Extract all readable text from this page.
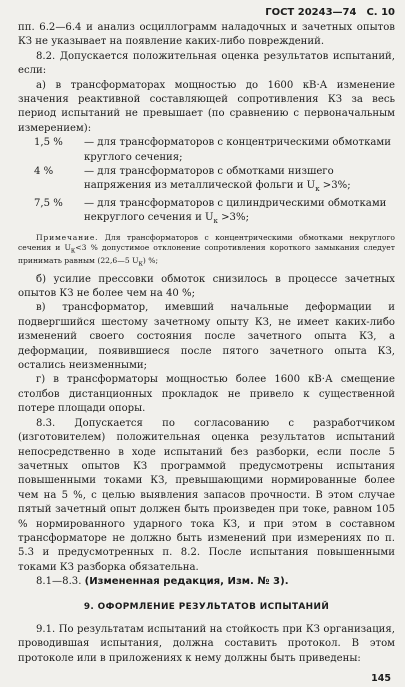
ГОСТ 20243—74 С. 10

пп. 6.2—6.4 и анализ осциллограмм наладочных и зачетных опытов КЗ не указывает на появление каких-либо повреждений.

8.2. Допускается положительная оценка результатов испытаний, если:

а) в трансформаторах мощностью до 1600 кВ·А изменение значения реактивной составляющей сопротивления КЗ за весь период испытаний не превышает (по сравнению с первоначальным измерением):

1,5 %	— для трансформаторов с концентрическими обмотками круглого сечения;
4 %	— для трансформаторов с обмотками низшего напряжения из металлической фольги и $U_к >3\%$;
7,5 %	— для трансформаторов с цилиндрическими обмотками некруглого сечения и $U_к >3\%$;

Примечание. Для трансформаторов с концентрическими обмотками некруглого сечения и Uк<3 % допустимое отклонение сопротивления короткого замыкания следует принимать равным (22,6—5 Uк) %;

б) усилие прессовки обмоток снизилось в процессе зачетных опытов КЗ не более чем на 40 %;

в) трансформатор, имевший начальные деформации и подвергшийся шестому зачетному опыту КЗ, не имеет каких-либо изменений своего состояния после зачетного опыта КЗ, а деформации, появившиеся после пятого зачетного опыта КЗ, остались неизменными;

г) в трансформаторы мощностью более 1600 кВ·А смещение столбов дистанционных прокладок не привело к существенной потере площади опоры.

8.3. Допускается по согласованию с разработчиком (изготовителем) положительная оценка результатов испытаний непосредственно в ходе испытаний без разборки, если после 5 зачетных опытов КЗ программой предусмотрены испытания повышенными токами КЗ, превышающими нормированные более чем на 5 %, с целью выявления запасов прочности. В этом случае пятый зачетный опыт должен быть произведен при токе, равном 105 % нормированного ударного тока КЗ, и при этом в составном трансформаторе не должно быть изменений при измерениях по п. 5.3 и предусмотренных п. 8.2. После испытания повышенными токами КЗ разборка обязательна.

8.1—8.3. (Измененная редакция, Изм. № 3).

9. ОФОРМЛЕНИЕ РЕЗУЛЬТАТОВ ИСПЫТАНИЙ

9.1. По результатам испытаний на стойкость при КЗ организация, проводившая испытания, должна составить протокол. В этом протоколе или в приложениях к нему должны быть приведены:

145
